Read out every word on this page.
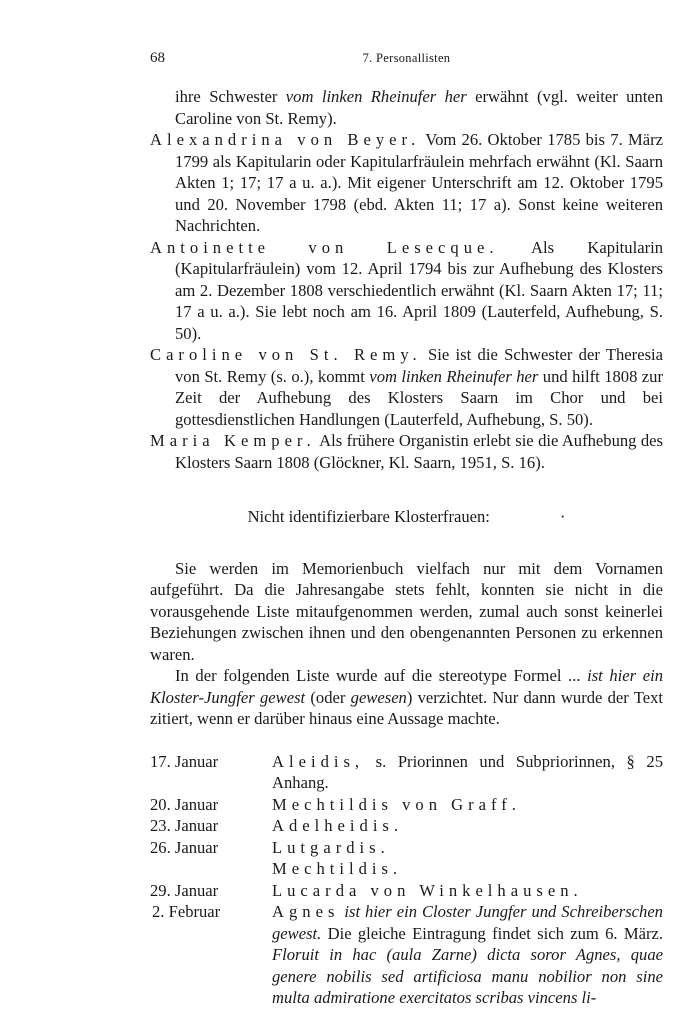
68	7. Personallisten

ihre Schwester vom linken Rheinufer her erwähnt (vgl. weiter unten Caroline von St. Remy).

Alexandrina von Beyer. Vom 26. Oktober 1785 bis 7. März 1799 als Kapitularin oder Kapitularfräulein mehrfach erwähnt (Kl. Saarn Akten 1; 17; 17 a u. a.). Mit eigener Unterschrift am 12. Oktober 1795 und 20. November 1798 (ebd. Akten 11; 17 a). Sonst keine weiteren Nachrichten.

Antoinette von Lesecque. Als Kapitularin (Kapitularfräulein) vom 12. April 1794 bis zur Aufhebung des Klosters am 2. Dezember 1808 verschiedentlich erwähnt (Kl. Saarn Akten 17; 11; 17 a u. a.). Sie lebt noch am 16. April 1809 (Lauterfeld, Aufhebung, S. 50).

Caroline von St. Remy. Sie ist die Schwester der Theresia von St. Remy (s. o.), kommt vom linken Rheinufer her und hilft 1808 zur Zeit der Aufhebung des Klosters Saarn im Chor und bei gottesdienstlichen Handlungen (Lauterfeld, Aufhebung, S. 50).

Maria Kemper. Als frühere Organistin erlebt sie die Aufhebung des Klosters Saarn 1808 (Glöckner, Kl. Saarn, 1951, S. 16).

Nicht identifizierbare Klosterfrauen:	·

Sie werden im Memorienbuch vielfach nur mit dem Vornamen aufgeführt. Da die Jahresangabe stets fehlt, konnten sie nicht in die vorausgehende Liste mitaufgenommen werden, zumal auch sonst keinerlei Beziehungen zwischen ihnen und den obengenannten Personen zu erkennen waren.

In der folgenden Liste wurde auf die stereotype Formel ... ist hier ein Kloster-Jungfer gewest (oder gewesen) verzichtet. Nur dann wurde der Text zitiert, wenn er darüber hinaus eine Aussage machte.

17. Januar	Aleidis, s. Priorinnen und Subpriorinnen, § 25 Anhang.
20. Januar	Mechtildis von Graff.
23. Januar	Adelheidis.
26. Januar	Lutgardis.
Mechtildis.
29. Januar	Lucarda von Winkelhausen.
2. Februar	Agnes ist hier ein Closter Jungfer und Schreiberschen gewest. Die gleiche Eintragung findet sich zum 6. März. Floruit in hac (aula Zarne) dicta soror Agnes, quae genere nobilis sed artificiosa manu nobilior non sine multa admiratione exercitatos scribas vincens li-
